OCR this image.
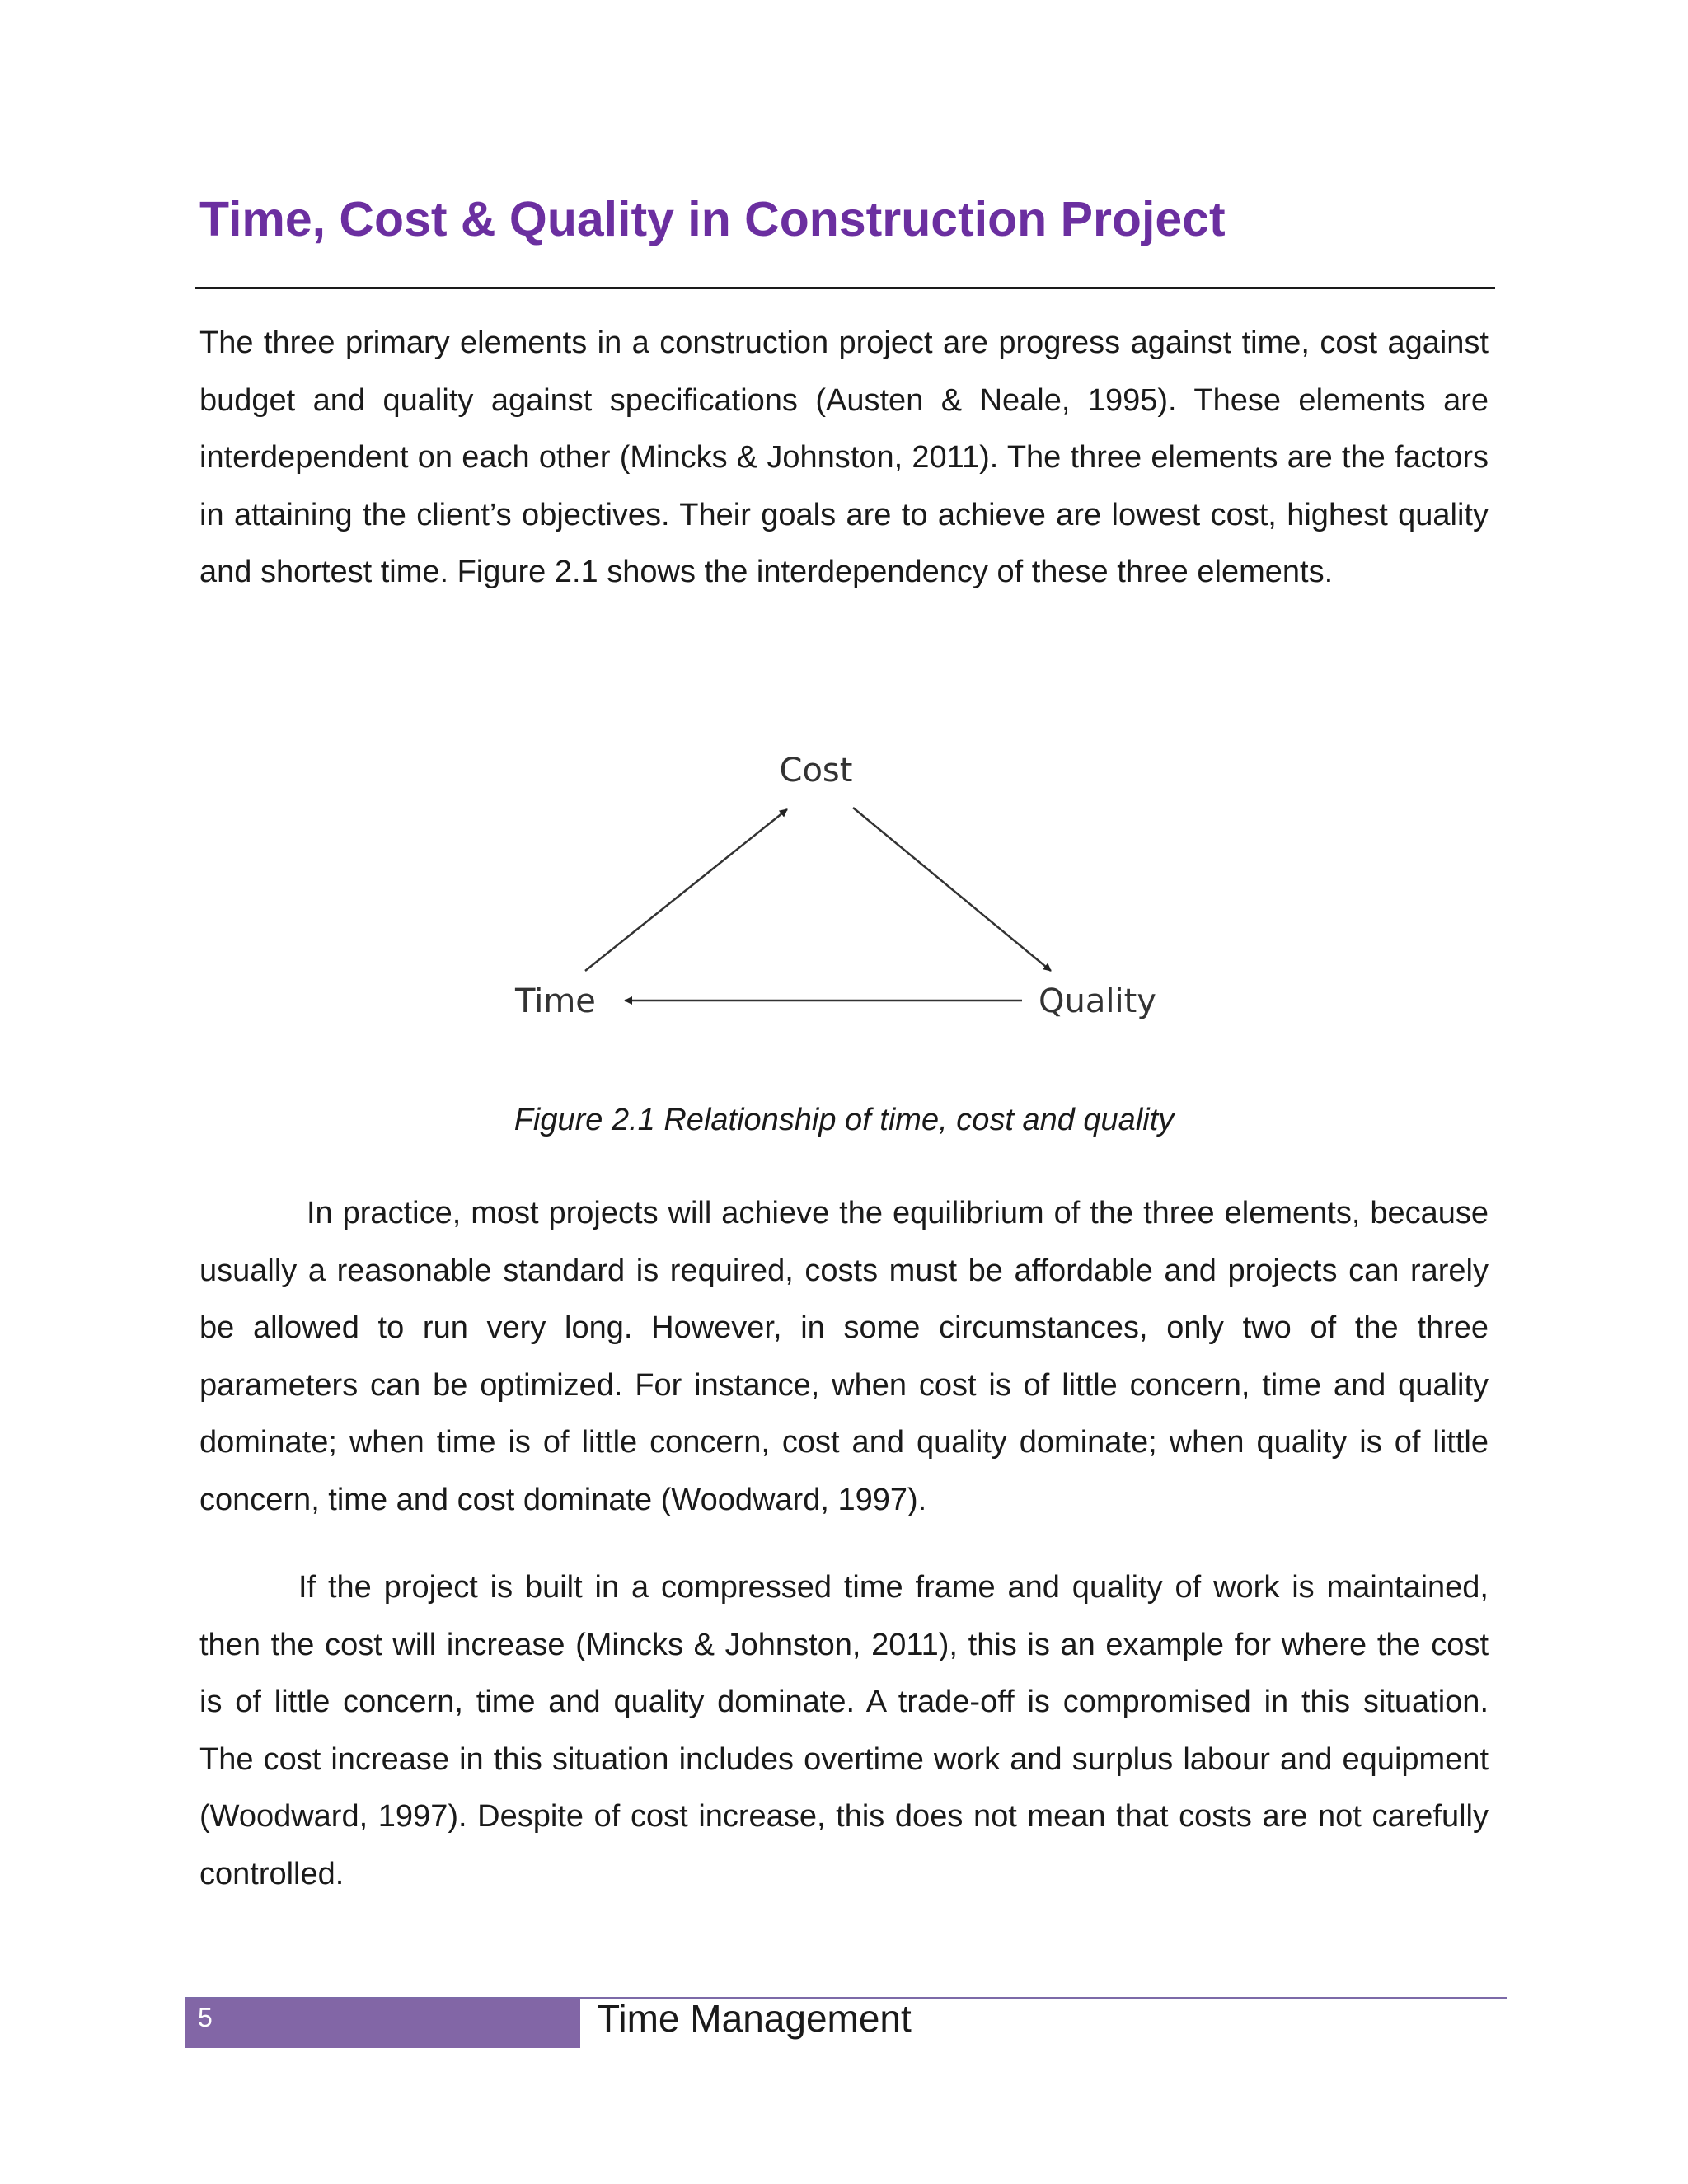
Time, Cost & Quality in Construction Project

The three primary elements in a construction project are progress against time, cost against budget and quality against specifications (Austen & Neale, 1995). These elements are interdependent on each other (Mincks & Johnston, 2011). The three elements are the factors in attaining the client’s objectives. Their goals are to achieve are lowest cost, highest quality and shortest time. Figure 2.1 shows the interdependency of these three elements.

Cost
Time	Quality

Figure 2.1 Relationship of time, cost and quality

In practice, most projects will achieve the equilibrium of the three elements, because usually a reasonable standard is required, costs must be affordable and projects can rarely be allowed to run very long. However, in some circumstances, only two of the three parameters can be optimized. For instance, when cost is of little concern, time and quality dominate; when time is of little concern, cost and quality dominate; when quality is of little concern, time and cost dominate (Woodward, 1997).

If the project is built in a compressed time frame and quality of work is maintained, then the cost will increase (Mincks & Johnston, 2011), this is an example for where the cost is of little concern, time and quality dominate. A trade-off is compromised in this situation. The cost increase in this situation includes overtime work and surplus labour and equipment (Woodward, 1997). Despite of cost increase, this does not mean that costs are not carefully controlled.

5	Time Management
